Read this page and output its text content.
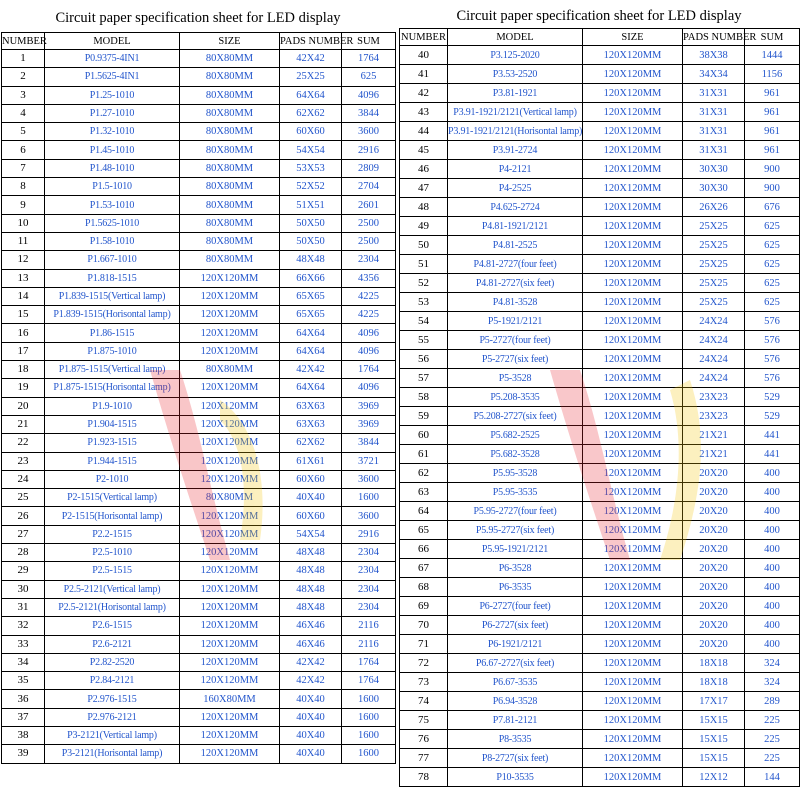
Circuit paper specification sheet for LED display
NUMBER	MODEL	SIZE	PADS NUMBER	SUM
1	P0.9375-4IN1	80X80MM	42X42	1764
2	P1.5625-4IN1	80X80MM	25X25	625
3	P1.25-1010	80X80MM	64X64	4096
4	P1.27-1010	80X80MM	62X62	3844
5	P1.32-1010	80X80MM	60X60	3600
6	P1.45-1010	80X80MM	54X54	2916
7	P1.48-1010	80X80MM	53X53	2809
8	P1.5-1010	80X80MM	52X52	2704
9	P1.53-1010	80X80MM	51X51	2601
10	P1.5625-1010	80X80MM	50X50	2500
11	P1.58-1010	80X80MM	50X50	2500
12	P1.667-1010	80X80MM	48X48	2304
13	P1.818-1515	120X120MM	66X66	4356
14	P1.839-1515(Vertical lamp)	120X120MM	65X65	4225
15	P1.839-1515(Horisontal lamp)	120X120MM	65X65	4225
16	P1.86-1515	120X120MM	64X64	4096
17	P1.875-1010	120X120MM	64X64	4096
18	P1.875-1515(Vertical lamp)	80X80MM	42X42	1764
19	P1.875-1515(Horisontal lamp)	120X120MM	64X64	4096
20	P1.9-1010	120X120MM	63X63	3969
21	P1.904-1515	120X120MM	63X63	3969
22	P1.923-1515	120X120MM	62X62	3844
23	P1.944-1515	120X120MM	61X61	3721
24	P2-1010	120X120MM	60X60	3600
25	P2-1515(Vertical lamp)	80X80MM	40X40	1600
26	P2-1515(Horisontal lamp)	120X120MM	60X60	3600
27	P2.2-1515	120X120MM	54X54	2916
28	P2.5-1010	120X120MM	48X48	2304
29	P2.5-1515	120X120MM	48X48	2304
30	P2.5-2121(Vertical lamp)	120X120MM	48X48	2304
31	P2.5-2121(Horisontal lamp)	120X120MM	48X48	2304
32	P2.6-1515	120X120MM	46X46	2116
33	P2.6-2121	120X120MM	46X46	2116
34	P2.82-2520	120X120MM	42X42	1764
35	P2.84-2121	120X120MM	42X42	1764
36	P2.976-1515	160X80MM	40X40	1600
37	P2.976-2121	120X120MM	40X40	1600
38	P3-2121(Vertical lamp)	120X120MM	40X40	1600
39	P3-2121(Horisontal lamp)	120X120MM	40X40	1600
Circuit paper specification sheet for LED display
NUMBER	MODEL	SIZE	PADS NUMBER	SUM
40	P3.125-2020	120X120MM	38X38	1444
41	P3.53-2520	120X120MM	34X34	1156
42	P3.81-1921	120X120MM	31X31	961
43	P3.91-1921/2121(Vertical lamp)	120X120MM	31X31	961
44	P3.91-1921/2121(Horisontal lamp)	120X120MM	31X31	961
45	P3.91-2724	120X120MM	31X31	961
46	P4-2121	120X120MM	30X30	900
47	P4-2525	120X120MM	30X30	900
48	P4.625-2724	120X120MM	26X26	676
49	P4.81-1921/2121	120X120MM	25X25	625
50	P4.81-2525	120X120MM	25X25	625
51	P4.81-2727(four feet)	120X120MM	25X25	625
52	P4.81-2727(six feet)	120X120MM	25X25	625
53	P4.81-3528	120X120MM	25X25	625
54	P5-1921/2121	120X120MM	24X24	576
55	P5-2727(four feet)	120X120MM	24X24	576
56	P5-2727(six feet)	120X120MM	24X24	576
57	P5-3528	120X120MM	24X24	576
58	P5.208-3535	120X120MM	23X23	529
59	P5.208-2727(six feet)	120X120MM	23X23	529
60	P5.682-2525	120X120MM	21X21	441
61	P5.682-3528	120X120MM	21X21	441
62	P5.95-3528	120X120MM	20X20	400
63	P5.95-3535	120X120MM	20X20	400
64	P5.95-2727(four feet)	120X120MM	20X20	400
65	P5.95-2727(six feet)	120X120MM	20X20	400
66	P5.95-1921/2121	120X120MM	20X20	400
67	P6-3528	120X120MM	20X20	400
68	P6-3535	120X120MM	20X20	400
69	P6-2727(four feet)	120X120MM	20X20	400
70	P6-2727(six feet)	120X120MM	20X20	400
71	P6-1921/2121	120X120MM	20X20	400
72	P6.67-2727(six feet)	120X120MM	18X18	324
73	P6.67-3535	120X120MM	18X18	324
74	P6.94-3528	120X120MM	17X17	289
75	P7.81-2121	120X120MM	15X15	225
76	P8-3535	120X120MM	15X15	225
77	P8-2727(six feet)	120X120MM	15X15	225
78	P10-3535	120X120MM	12X12	144
